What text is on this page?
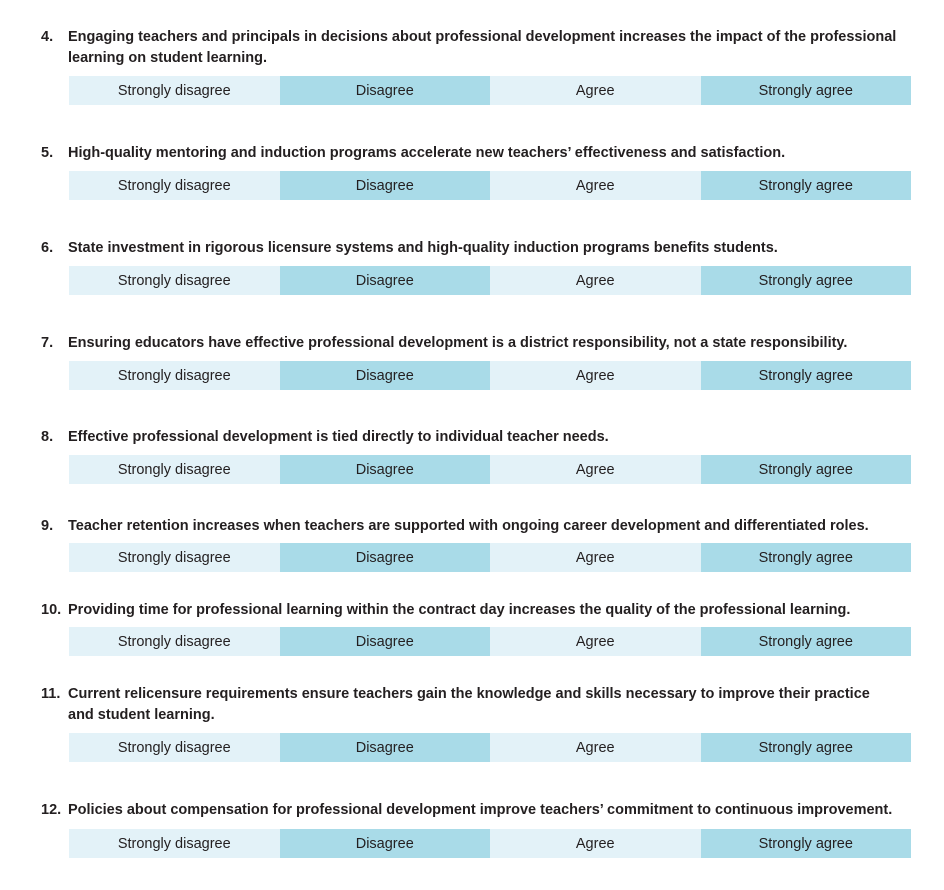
4.	Engaging teachers and principals in decisions about professional development increases the impact of the professional learning on student learning.

Strongly disagree	Disagree	Agree	Strongly agree

5.	High-quality mentoring and induction programs accelerate new teachers’ effectiveness and satisfaction.

Strongly disagree	Disagree	Agree	Strongly agree

6.	State investment in rigorous licensure systems and high-quality induction programs benefits students.

Strongly disagree	Disagree	Agree	Strongly agree

7.	Ensuring educators have effective professional development is a district responsibility, not a state responsibility.

Strongly disagree	Disagree	Agree	Strongly agree

8.	Effective professional development is tied directly to individual teacher needs.

Strongly disagree	Disagree	Agree	Strongly agree

9.	Teacher retention increases when teachers are supported with ongoing career development and differentiated roles.

Strongly disagree	Disagree	Agree	Strongly agree

10. Providing time for professional learning within the contract day increases the quality of the professional learning.

Strongly disagree	Disagree	Agree	Strongly agree

11. Current relicensure requirements ensure teachers gain the knowledge and skills necessary to improve their practice and student learning.

Strongly disagree	Disagree	Agree	Strongly agree

12. Policies about compensation for professional development improve teachers’ commitment to continuous improvement.

Strongly disagree	Disagree	Agree	Strongly agree
